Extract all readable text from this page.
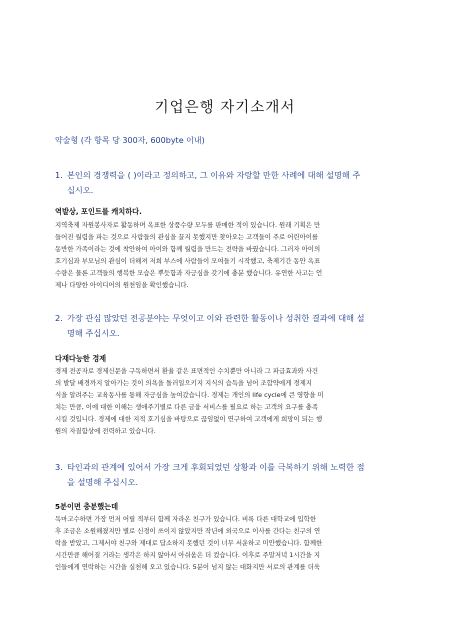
기업은행 자기소개서
약술형 (각 항목 당 300자, 600byte 이내)
1. 본인의 경쟁력을 ( )이라고 정의하고, 그 이유와 자랑할 만한 사례에 대해 설명해 주
십시오.
역발상, 포인트를 캐치하다.
지역축제 자원봉사자로 활동하며 옥표한 상품수량 모두를 판매한 적이 있습니다. 원래 기획은 만
들어진 월렴을 파는 것으로 사람들의 관심을 끌지 못했지만 찾아오는 고객들이 주로 어린아이를
동반한 가족이라는 것에 착안하여 아이와 함께 월렴을 만드는 전략을 바꿨습니다. 그러자 아이의
호기심과 부모님의 관심이 더해져 저희 부스에 사람들이 모여들기 시작했고, 축제기간 동안 옥표
수량은 물론 고객들의 행복한 모습은 뿌듯함과 자긍심을 갖기에 충분 했습니다. 유연한 사고는 언
제나 다양한 아이디어의 원천임을 확인했습니다.
2. 가장 관심 많았던 전공분야는 무엇이고 이와 관련한 활동이나 성취한 결과에 대해 설
명해 주십시오.
다재다능한 경제
경제 전공자로 경제신문을 구독하면서 환율 같은 표면적인 수치뿐만 아니라 그 파급효과와 사건
의 발달 배경까지 알아가는 것이 의욕을 돌러일으키지 지식의 습득을 넘어 조합약에게 경제지
식을 알려주는 교육동사를 통해 자긍심을 높여갔습니다. 경제는 개인의 life cycle에 큰 영향을 미
치는 만큼, 이에 대한 이해는 생애주기별로 다른 금융 서비스를 필요로 하는 고객의 요구를 충족
시킬 것입니다. 경제에 대한 지적 호기심을 바탕으로 끊임없이 연구하여 고객에게 희망이 되는 행
원의 자질함상에 전력하고 있습니다.
3. 타인과의 관계에 있어서 가장 크게 후회되었던 상황과 이를 극복하기 위해 노력한 점
을 설명해 주십시오.
5분이면 충분했는데
독마고수하면 가장 먼저 어릴 적부터 함께 자라온 친구가 있습니다. 비록 다른 대학교에 입학한
후 조금은 소원해졌지만 별로 신경이 쓰이지 않았지만 작년에 외국으로 이사를 간다는 친구의 연
락을 받았고, 그제서야 친구와 제대로 답소하지 못했던 것이 너무 서운하고 미안했습니다. 함께한
시간만큼 해어질 거라는 생각은 하지 않아서 아쉬움은 더 컸습니다. 이후로 주말저녁 1시간을 지
인들에게 연락하는 시간을 실천해 오고 있습니다. 5분이 넘지 않는 대화지만 서로의 관계를 더욱
